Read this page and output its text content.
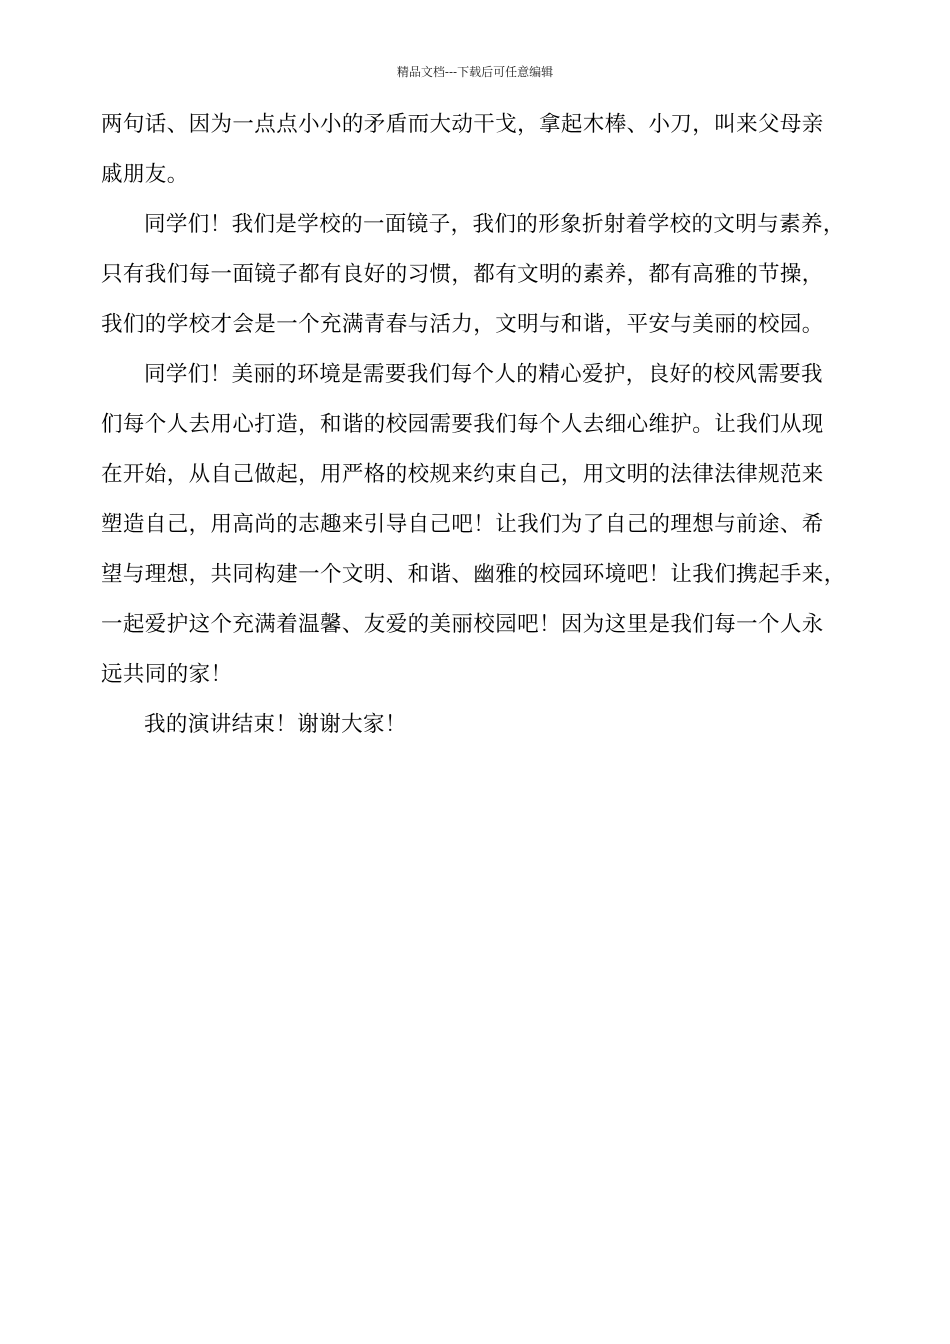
精品文档---下载后可任意编辑
两句话、因为一点点小小的矛盾而大动干戈，拿起木棒、小刀，叫来父母亲
戚朋友。
同学们！我们是学校的一面镜子，我们的形象折射着学校的文明与素养，
只有我们每一面镜子都有良好的习惯，都有文明的素养，都有高雅的节操，
我们的学校才会是一个充满青春与活力，文明与和谐，平安与美丽的校园。
同学们！美丽的环境是需要我们每个人的精心爱护，良好的校风需要我
们每个人去用心打造，和谐的校园需要我们每个人去细心维护。让我们从现
在开始，从自己做起，用严格的校规来约束自己，用文明的法律法律规范来
塑造自己，用高尚的志趣来引导自己吧！让我们为了自己的理想与前途、希
望与理想，共同构建一个文明、和谐、幽雅的校园环境吧！让我们携起手来，
一起爱护这个充满着温馨、友爱的美丽校园吧！因为这里是我们每一个人永
远共同的家！
我的演讲结束！谢谢大家！
